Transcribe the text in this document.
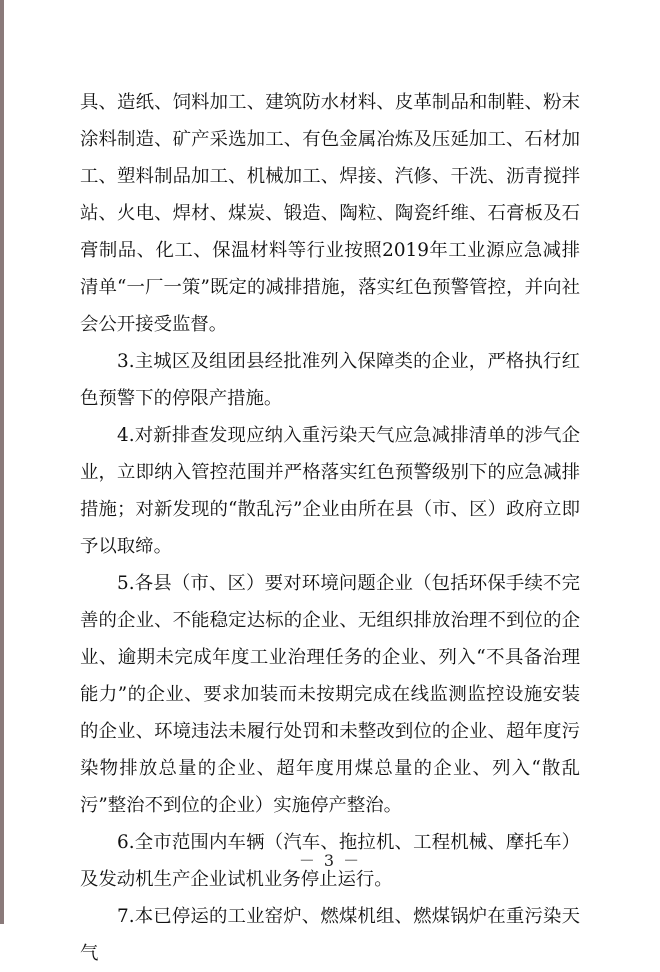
具、造纸、饲料加工、建筑防水材料、皮革制品和制鞋、粉末涂料制造、矿产采选加工、有色金属冶炼及压延加工、石材加工、塑料制品加工、机械加工、焊接、汽修、干洗、沥青搅拌站、火电、焊材、煤炭、锻造、陶粒、陶瓷纤维、石膏板及石膏制品、化工、保温材料等行业按照2019年工业源应急减排清单“一厂一策”既定的减排措施，落实红色预警管控，并向社会公开接受监督。

3.主城区及组团县经批准列入保障类的企业，严格执行红色预警下的停限产措施。

4.对新排查发现应纳入重污染天气应急减排清单的涉气企业，立即纳入管控范围并严格落实红色预警级别下的应急减排措施；对新发现的“散乱污”企业由所在县（市、区）政府立即予以取缔。

5.各县（市、区）要对环境问题企业（包括环保手续不完善的企业、不能稳定达标的企业、无组织排放治理不到位的企业、逾期未完成年度工业治理任务的企业、列入“不具备治理能力”的企业、要求加装而未按期完成在线监测监控设施安装的企业、环境违法未履行处罚和未整改到位的企业、超年度污染物排放总量的企业、超年度用煤总量的企业、列入“散乱污”整治不到位的企业）实施停产整治。

6.全市范围内车辆（汽车、拖拉机、工程机械、摩托车）及发动机生产企业试机业务停止运行。

7.本已停运的工业窑炉、燃煤机组、燃煤锅炉在重污染天气

－ 3 －
